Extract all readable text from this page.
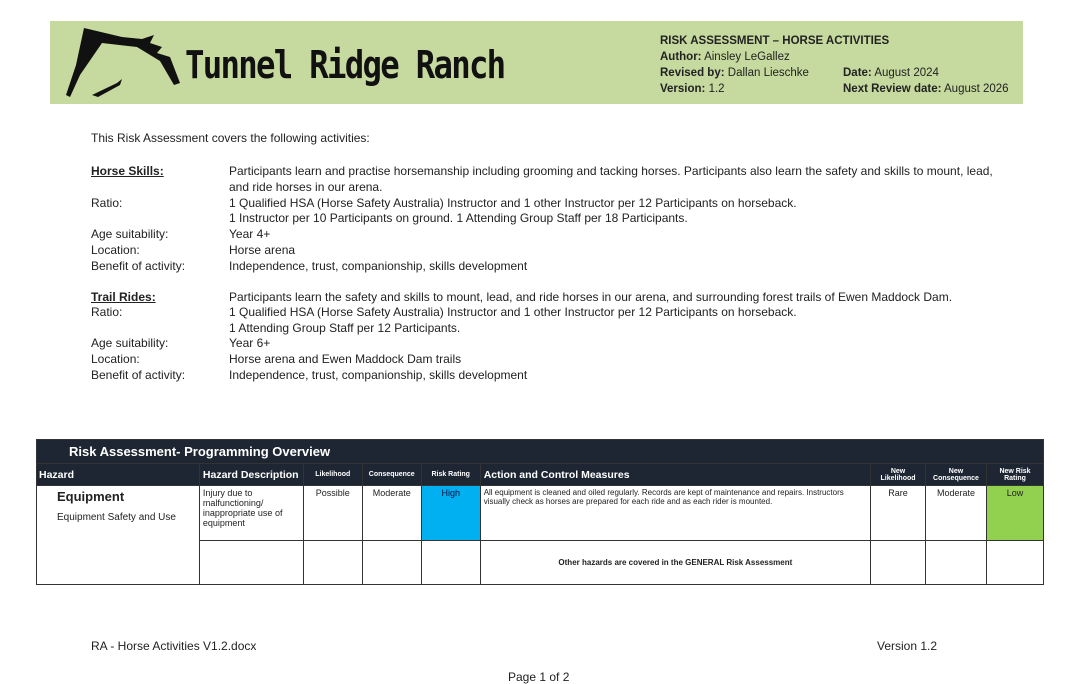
Tunnel Ridge Ranch
RISK ASSESSMENT – HORSE ACTIVITIES
Author: Ainsley LeGallez
Revised by: Dallan Lieschke	Date: August 2024
Version: 1.2	Next Review date: August 2026
This Risk Assessment covers the following activities:
Horse Skills:	Participants learn and practise horsemanship including grooming and tacking horses. Participants also learn the safety and skills to mount, lead,
and ride horses in our arena.
Ratio:	1 Qualified HSA (Horse Safety Australia) Instructor and 1 other Instructor per 12 Participants on horseback.
1 Instructor per 10 Participants on ground. 1 Attending Group Staff per 18 Participants.
Age suitability:	Year 4+
Location:	Horse arena
Benefit of activity:	Independence, trust, companionship, skills development
Trail Rides:	Participants learn the safety and skills to mount, lead, and ride horses in our arena, and surrounding forest trails of Ewen Maddock Dam.
Ratio:	1 Qualified HSA (Horse Safety Australia) Instructor and 1 other Instructor per 12 Participants on horseback.
1 Attending Group Staff per 12 Participants.
Age suitability:	Year 6+
Location:	Horse arena and Ewen Maddock Dam trails
Benefit of activity:	Independence, trust, companionship, skills development
Risk Assessment- Programming Overview								
Hazard	Hazard Description	Likelihood	Consequence	Risk Rating	Action and Control Measures	New Likelihood	New Consequence	New Risk Rating

Equipment
Equipment Safety and Use	Injury due to malfunctioning/ inappropriate use of equipment	Possible	Moderate	High	All equipment is cleaned and oiled regularly. Records are kept of maintenance and repairs. Instructors visually check as horses are prepared for each ride and as each rider is mounted.	Rare	Moderate	Low
					Other hazards are covered in the GENERAL Risk Assessment			
RA - Horse Activities V1.2.docx	Version 1.2
Page 1 of 2
